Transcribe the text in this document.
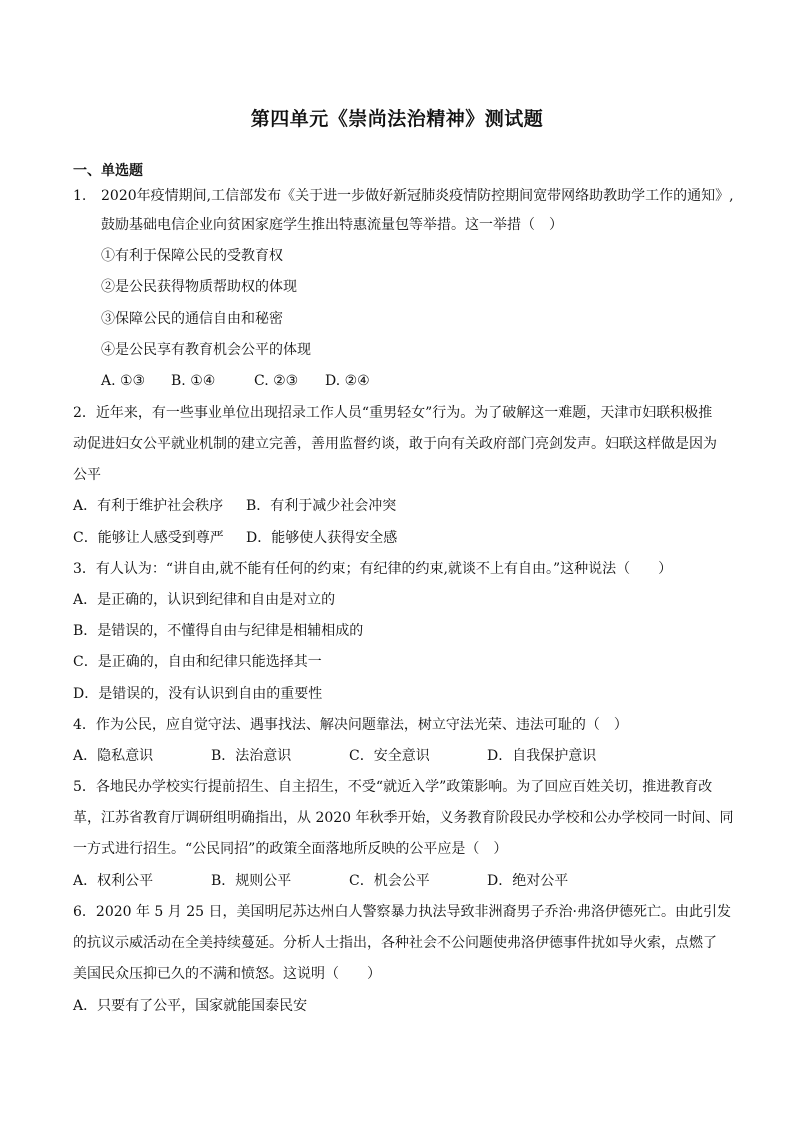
第四单元《崇尚法治精神》测试题
一、单选题
1. 2020年疫情期间,工信部发布《关于进一步做好新冠肺炎疫情防控期间宽带网络助教助学工作的通知》,
鼓励基础电信企业向贫困家庭学生推出特惠流量包等举措。这一举措（　）
①有利于保障公民的受教育权
②是公民获得物质帮助权的体现
③保障公民的通信自由和秘密
④是公民享有教育机会公平的体现
A. ①③ B. ①④	C. ②③ D. ②④
2．近年来，有一些事业单位出现招录工作人员“重男轻女”行为。为了破解这一难题，天津市妇联积极推
动促进妇女公平就业机制的建立完善，善用监督约谈，敢于向有关政府部门亮剑发声。妇联这样做是因为
公平
A．有利于维护社会秩序 B．有利于减少社会冲突
C．能够让人感受到尊严 D．能够使人获得安全感
3．有人认为：“讲自由,就不能有任何的约束；有纪律的约束,就谈不上有自由。”这种说法（　　）
A．是正确的，认识到纪律和自由是对立的
B．是错误的，不懂得自由与纪律是相辅相成的
C．是正确的，自由和纪律只能选择其一
D．是错误的，没有认识到自由的重要性
4．作为公民，应自觉守法、遇事找法、解决问题靠法，树立守法光荣、违法可耻的（　）
A．隐私意识	B．法治意识	C．安全意识	D．自我保护意识
5．各地民办学校实行提前招生、自主招生，不受“就近入学”政策影响。为了回应百姓关切，推进教育改
革，江苏省教育厅调研组明确指出，从 2020 年秋季开始，义务教育阶段民办学校和公办学校同一时间、同
一方式进行招生。“公民同招”的政策全面落地所反映的公平应是（　）
A．权利公平	B．规则公平	C．机会公平	D．绝对公平
6．2020 年 5 月 25 日，美国明尼苏达州白人警察暴力执法导致非洲裔男子乔治·弗洛伊德死亡。由此引发
的抗议示威活动在全美持续蔓延。分析人士指出，各种社会不公问题使弗洛伊德事件扰如导火索，点燃了
美国民众压抑已久的不满和愤怒。这说明（　　）
A．只要有了公平，国家就能国泰民安
